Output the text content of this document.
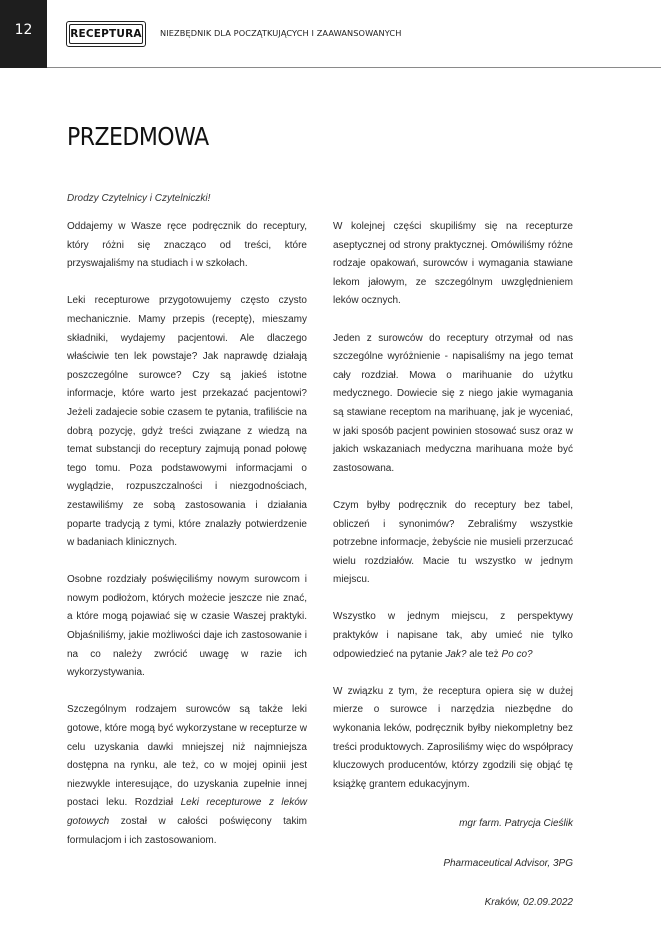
12	RECEPTURA NIEZBĘDNIK DLA POCZĄTKUJĄCYCH I ZAAWANSOWANYCH
PRZEDMOWA
Drodzy Czytelnicy i Czytelniczki!

Oddajemy w Wasze ręce podręcznik do receptury, który różni się znacząco od treści, które przyswajaliśmy na studiach i w szkołach.

Leki recepturowe przygotowujemy często czysto mechanicznie. Mamy przepis (receptę), mieszamy składniki, wydajemy pacjentowi. Ale dlaczego właściwie ten lek powstaje? Jak naprawdę działają poszczególne surowce? Czy są jakieś istotne informacje, które warto jest przekazać pacjentowi? Jeżeli zadajecie sobie czasem te pytania, trafiliście na dobrą pozycję, gdyż treści związane z wiedzą na temat substancji do receptury zajmują ponad połowę tego tomu. Poza podstawowymi informacjami o wyglądzie, rozpuszczalności i niezgodnościach, zestawiliśmy ze sobą zastosowania i działania poparte tradycją z tymi, które znalazły potwierdzenie w badaniach klinicznych.

Osobne rozdziały poświęciliśmy nowym surowcom i nowym podłożom, których możecie jeszcze nie znać, a które mogą pojawiać się w czasie Waszej praktyki. Objaśniliśmy, jakie możliwości daje ich zastosowanie i na co należy zwrócić uwagę w razie ich wykorzystywania.

Szczególnym rodzajem surowców są także leki gotowe, które mogą być wykorzystane w recepturze w celu uzyskania dawki mniejszej niż najmniejsza dostępna na rynku, ale też, co w mojej opinii jest niezwykle interesujące, do uzyskania zupełnie innej postaci leku. Rozdział Leki recepturowe z leków gotowych został w całości poświęcony takim formulacjom i ich zastosowaniom.

W kolejnej części skupiliśmy się na recepturze aseptycznej od strony praktycznej. Omówiliśmy różne rodzaje opakowań, surowców i wymagania stawiane lekom jałowym, ze szczególnym uwzględnieniem leków ocznych.

Jeden z surowców do receptury otrzymał od nas szczególne wyróżnienie - napisaliśmy na jego temat cały rozdział. Mowa o marihuanie do użytku medycznego. Dowiecie się z niego jakie wymagania są stawiane receptom na marihuanę, jak je wyceniać, w jaki sposób pacjent powinien stosować susz oraz w jakich wskazaniach medyczna marihuana może być zastosowana.

Czym byłby podręcznik do receptury bez tabel, obliczeń i synonimów? Zebraliśmy wszystkie potrzebne informacje, żebyście nie musieli przerzucać wielu rozdziałów. Macie tu wszystko w jednym miejscu.

Wszystko w jednym miejscu, z perspektywy praktyków i napisane tak, aby umieć nie tylko odpowiedzieć na pytanie Jak? ale też Po co?

W związku z tym, że receptura opiera się w dużej mierze o surowce i narzędzia niezbędne do wykonania leków, podręcznik byłby niekompletny bez treści produktowych. Zaprosiliśmy więc do współpracy kluczowych producentów, którzy zgodzili się objąć tę książkę grantem edukacyjnym.

mgr farm. Patrycja Cieślik

Pharmaceutical Advisor, 3PG

Kraków, 02.09.2022
